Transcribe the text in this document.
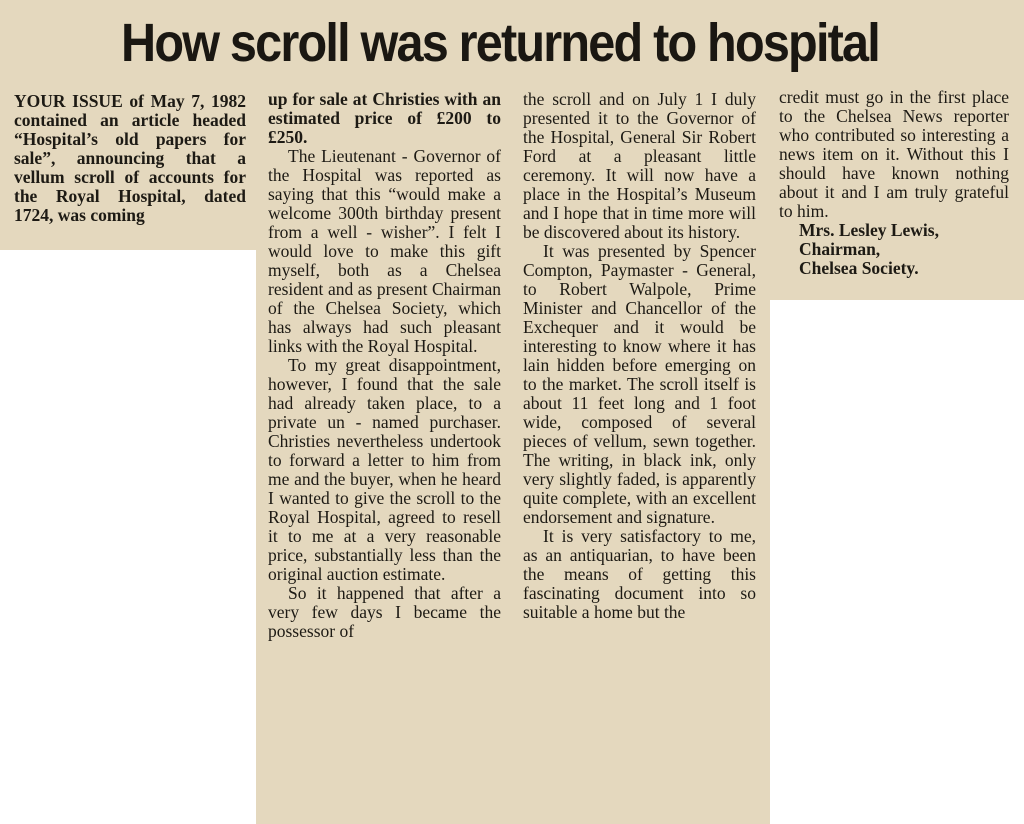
How scroll was returned to hospital

YOUR ISSUE of May 7, 1982 contained an article headed “Hospital’s old papers for sale”, announcing that a vellum scroll of accounts for the Royal Hospital, dated 1724, was coming

up for sale at Christies with an estimated price of £200 to £250.

The Lieutenant - Governor of the Hospital was reported as saying that this “would make a welcome 300th birthday present from a well - wisher”. I felt I would love to make this gift myself, both as a Chelsea resident and as present Chairman of the Chelsea Society, which has always had such pleasant links with the Royal Hospital.

To my great disappointment, however, I found that the sale had already taken place, to a private un - named purchaser. Christies nevertheless undertook to forward a letter to him from me and the buyer, when he heard I wanted to give the scroll to the Royal Hospital, agreed to resell it to me at a very reasonable price, substantially less than the original auction estimate.

So it happened that after a very few days I became the possessor of

the scroll and on July 1 I duly presented it to the Governor of the Hospital, General Sir Robert Ford at a pleasant little ceremony. It will now have a place in the Hospital’s Museum and I hope that in time more will be discovered about its history.

It was presented by Spencer Compton, Paymaster - General, to Robert Walpole, Prime Minister and Chancellor of the Exchequer and it would be interesting to know where it has lain hidden before emerging on to the market. The scroll itself is about 11 feet long and 1 foot wide, composed of several pieces of vellum, sewn together. The writing, in black ink, only very slightly faded, is apparently quite complete, with an excellent endorsement and signature.

It is very satisfactory to me, as an antiquarian, to have been the means of getting this fascinating document into so suitable a home but the

credit must go in the first place to the Chelsea News reporter who contributed so interesting a news item on it. Without this I should have known nothing about it and I am truly grateful to him.

Mrs. Lesley Lewis,
Chairman,
Chelsea Society.
